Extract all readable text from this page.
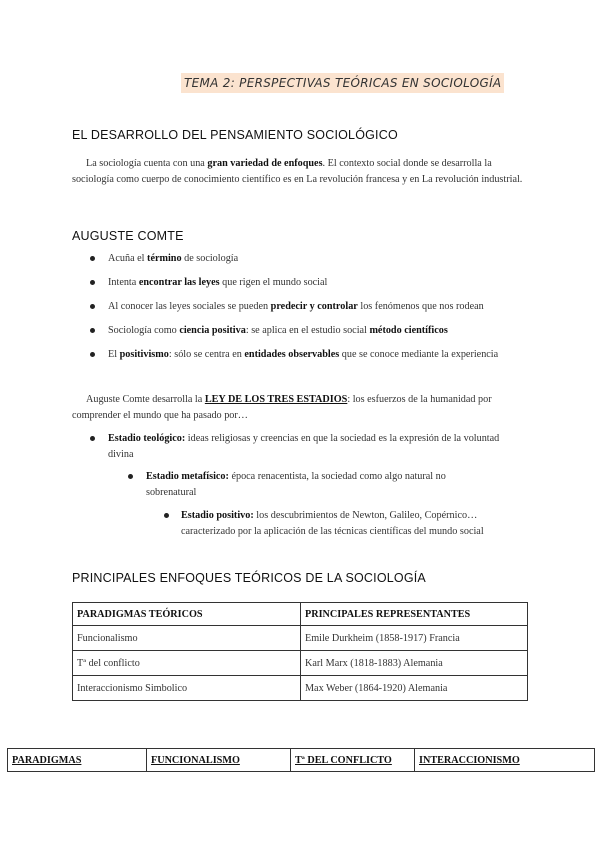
TEMA 2: PERSPECTIVAS TEÓRICAS EN SOCIOLOGÍA
EL DESARROLLO DEL PENSAMIENTO SOCIOLÓGICO
La sociología cuenta con una gran variedad de enfoques. El contexto social donde se desarrolla la sociología como cuerpo de conocimiento científico es en La revolución francesa y en La revolución industrial.
AUGUSTE COMTE
Acuña el término de sociología
Intenta encontrar las leyes que rigen el mundo social
Al conocer las leyes sociales se pueden predecir y controlar los fenómenos que nos rodean
Sociología como ciencia positiva: se aplica en el estudio social método científicos
El positivismo: sólo se centra en entidades observables que se conoce mediante la experiencia
Auguste Comte desarrolla la LEY DE LOS TRES ESTADIOS: los esfuerzos de la humanidad por comprender el mundo que ha pasado por…
Estadio teológico: ideas religiosas y creencias en que la sociedad es la expresión de la voluntad divina
Estadio metafísico: época renacentista, la sociedad como algo natural no sobrenatural
Estadio positivo: los descubrimientos de Newton, Galileo, Copérnico… caracterizado por la aplicación de las técnicas científicas del mundo social
PRINCIPALES ENFOQUES TEÓRICOS DE LA SOCIOLOGÍA
PARADIGMAS TEÓRICOS	PRINCIPALES REPRESENTANTES
Funcionalismo	Emile Durkheim (1858-1917) Francia
Tª del conflicto	Karl Marx (1818-1883) Alemania
Interaccionismo Simbolico	Max Weber (1864-1920) Alemania
PARADIGMAS	FUNCIONALISMO	Tª DEL CONFLICTO	INTERACCIONISMO
